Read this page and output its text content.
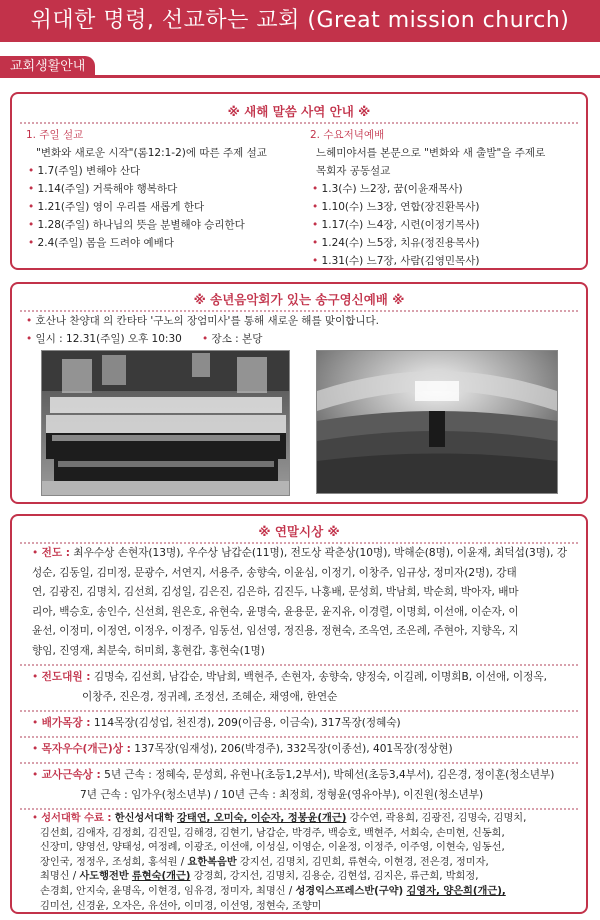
위대한 명령, 선교하는 교회 (Great mission church)
교회생활안내
※ 새해 말씀 사역 안내 ※
1. 주일 설교
"변화와 새로운 시작"(롬12:1-2)에 따른 주제 설교
• 1.7(주일) 변해야 산다
• 1.14(주일) 거룩해야 행복하다
• 1.21(주일) 영이 우리를 새롭게 한다
• 1.28(주일) 하나님의 뜻을 분별해야 승리한다
• 2.4(주일) 몸을 드려야 예배다
2. 수요저녁예배
느헤미야서를 본문으로 "변화와 새 출발"을 주제로
목회자 공동설교
• 1.3(수) 느2장, 꿈(이윤재목사)
• 1.10(수) 느3장, 연합(장진환목사)
• 1.17(수) 느4장, 시련(이정기목사)
• 1.24(수) 느5장, 치유(정진용목사)
• 1.31(수) 느7장, 사람(김영민목사)
※ 송년음악회가 있는 송구영신예배 ※
• 호산나 찬양대 의 칸타타 '구노의 장엄미사'를 통해 새로운 해를 맞이합니다.
• 일시 : 12.31(주일) 오후 10:30 • 장소 : 본당
※ 연말시상 ※
• 전도 : 최우수상 손현자(13명), 우수상 남갑순(11명), 전도상 곽춘상(10명), 박해순(8명), 이윤재, 최덕섭(3명), 강
성순, 김동일, 김미정, 문광수, 서연지, 서용주, 송향숙, 이윤심, 이정기, 이창주, 임규상, 정미자(2명), 강태
연, 김광진, 김명치, 김선희, 김성일, 김은진, 김은하, 김진두, 나홍배, 문성희, 박남희, 박순희, 박아자, 배마
리아, 백승호, 송인수, 신선희, 원은호, 유현숙, 윤명숙, 윤용문, 윤지유, 이경렬, 이명희, 이선애, 이순자, 이
윤선, 이정미, 이정연, 이정우, 이정주, 임동선, 임선영, 정진용, 정현숙, 조옥연, 조은례, 주현아, 지향옥, 지
향임, 진영재, 최분숙, 허미희, 홍현갑, 홍현숙(1명)
• 전도대원 : 김명숙, 김선희, 남갑순, 박남희, 백현주, 손현자, 송향숙, 양정숙, 이길례, 이명희B, 이선애, 이정옥,
이창주, 진은경, 정귀례, 조정선, 조혜순, 채영애, 한연순
• 배가목장 : 114목장(김성업, 천진경), 209(이금용, 이금숙), 317목장(정혜숙)
• 목자우수(개근)상 : 137목장(임재성), 206(박경주), 332목장(이종선), 401목장(정상현)
• 교사근속상 : 5년 근속 : 정혜숙, 문성희, 유현나(초등1,2부서), 박혜선(초등3,4부서), 김은경, 정이훈(청소년부)
7년 근속 : 임가우(청소년부) / 10년 근속 : 최정희, 정형윤(영유아부), 이진원(청소년부)
• 성서대학 수료 : 한신성서대학 강태연, 오미숙, 이순자, 정봉윤(개근) 강수연, 곽용희, 김광진, 김명숙, 김명치,
김선희, 김애자, 김정희, 김진일, 김해경, 김현기, 남갑순, 박경주, 백승호, 백현주, 서희숙, 손미현, 신동희,
신장미, 양영선, 양태성, 여정례, 이광조, 이선애, 이성실, 이영순, 이윤정, 이정주, 이주영, 이현숙, 임동선,
장인국, 정정우, 조성희, 홍석원 / 요한복음반 강지선, 김명치, 김민희, 류현숙, 이현경, 전은경, 정미자,
최명신 / 사도행전반 류현숙(개근) 강경희, 강지선, 김명치, 김용순, 김현섭, 김지은, 류근희, 박희정,
손경희, 안지숙, 윤명옥, 이현경, 임유경, 정미자, 최명신 / 성경익스프레스반(구약) 김영자, 양은희(개근),
김미선, 신경윤, 오자은, 유선아, 이미경, 이선영, 정현숙, 조향미
